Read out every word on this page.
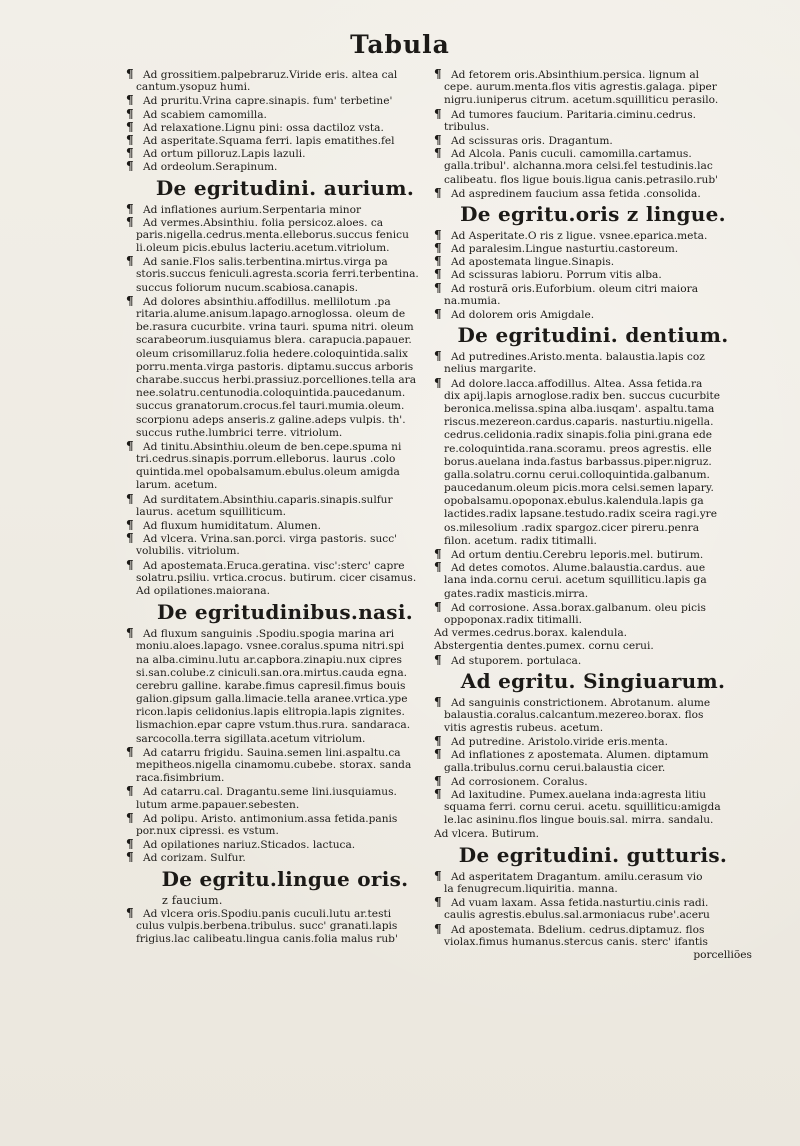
Tabula
¶ Ad grossitiem.palpebraruz.Viride eris. altea cal
cantum.ysopuz humi.
¶ Ad pruritu.Vrina capre.sinapis. fum' terbetine'
¶ Ad scabiem camomilla.
¶ Ad relaxatione.Lignu pini: ossa dactiloz vsta.
¶ Ad asperitate.Squama ferri. lapis ematithes.fel
¶ Ad ortum pilloruz.Lapis lazuli.
¶ Ad ordeolum.Serapinum.
De egritudini. aurium.
¶ Ad inflationes aurium.Serpentaria minor
¶ Ad vermes.Absinthiu. folia persicoz.aloes. ca
paris.nigella.cedrus.menta.elleborus.succus fenicu
li.oleum picis.ebulus lacteriu.acetum.vitriolum.
¶ Ad sanie.Flos salis.terbentina.mirtus.virga pa
storis.succus feniculi.agresta.scoria ferri.terbentina.
succus foliorum nucum.scabiosa.canapis.
¶ Ad dolores absinthiu.affodillus. mellilotum .pa
ritaria.alume.anisum.lapago.arnoglossa. oleum de
be.rasura cucurbite. vrina tauri. spuma nitri. oleum
scarabeorum.iusquiamus blera. carapucia.papauer.
oleum crisomillaruz.folia hedere.coloquintida.salix
porru.menta.virga pastoris. diptamu.succus arboris
charabe.succus herbi.prassiuz.porcelliones.tella ara
nee.solatru.centunodia.coloquintida.paucedanum.
succus granatorum.crocus.fel tauri.mumia.oleum.
scorpionu adeps anseris.z galine.adeps vulpis. th'.
succus ruthe.lumbrici terre. vitriolum.
¶ Ad tinitu.Absinthiu.oleum de ben.cepe.spuma ni
tri.cedrus.sinapis.porrum.elleborus. laurus .colo
quintida.mel opobalsamum.ebulus.oleum amigda
larum. acetum.
¶ Ad surditatem.Absinthiu.caparis.sinapis.sulfur
laurus. acetum squilliticum.
¶ Ad fluxum humiditatum. Alumen.
¶ Ad vlcera. Vrina.san.porci. virga pastoris. succ'
volubilis. vitriolum.
¶ Ad apostemata.Eruca.geratina. visc':sterc' capre
solatru.psiliu. vrtica.crocus. butirum. cicer cisamus.
Ad opilationes.maiorana.
De egritudinibus.nasi.
¶ Ad fluxum sanguinis .Spodiu.spogia marina ari
moniu.aloes.lapago. vsnee.coralus.spuma nitri.spi
na alba.ciminu.lutu ar.capbora.zinapiu.nux cipres
si.san.colube.z ciniculi.san.ora.mirtus.cauda egna.
cerebru galline. karabe.fimus capresil.fimus bouis
galion.gipsum galla.limacie.tella aranee.vrtica.ype
ricon.lapis celidonius.lapis elitropia.lapis zignites.
lismachion.epar capre vstum.thus.rura. sandaraca.
sarcocolla.terra sigillata.acetum vitriolum.
¶ Ad catarru frigidu. Sauina.semen lini.aspaltu.ca
mepitheos.nigella cinamomu.cubebe. storax. sanda
raca.fisimbrium.
¶ Ad catarru.cal. Dragantu.seme lini.iusquiamus.
lutum arme.papauer.sebesten.
¶ Ad polipu. Aristo. antimonium.assa fetida.panis
por.nux cipressi. es vstum.
¶ Ad opilationes nariuz.Sticados. lactuca.
¶ Ad corizam. Sulfur.
De egritu.lingue oris.
z faucium.
¶ Ad vlcera oris.Spodiu.panis cuculi.lutu ar.testi
culus vulpis.berbena.tribulus. succ' granati.lapis
frigius.lac calibeatu.lingua canis.folia malus rub'
¶ Ad fetorem oris.Absinthium.persica. lignum al
cepe. aurum.menta.flos vitis agrestis.galaga. piper
nigru.iuniperus citrum. acetum.squilliticu perasilo.
¶ Ad tumores faucium. Paritaria.ciminu.cedrus.
tribulus.
¶ Ad scissuras oris. Dragantum.
¶ Ad Alcola. Panis cuculi. camomilla.cartamus.
galla.tribul'. alchanna.mora celsi.fel testudinis.lac
calibeatu. flos ligue bouis.ligua canis.petrasilo.rub'
¶ Ad aspredinem faucium assa fetida .consolida.
De egritu.oris z lingue.
¶ Ad Asperitate.O ris z ligue. vsnee.eparica.meta.
¶ Ad paralesim.Lingue nasturtiu.castoreum.
¶ Ad apostemata lingue.Sinapis.
¶ Ad scissuras labioru. Porrum vitis alba.
¶ Ad rosturã oris.Euforbium. oleum citri maiora
na.mumia.
¶ Ad dolorem oris Amigdale.
De egritudini. dentium.
¶ Ad putredines.Aristo.menta. balaustia.lapis coz
nelius margarite.
¶ Ad dolore.lacca.affodillus. Altea. Assa fetida.ra
dix apij.lapis arnoglose.radix ben. succus cucurbite
beronica.melissa.spina alba.iusqam'. aspaltu.tama
riscus.mezereon.cardus.caparis. nasturtiu.nigella.
cedrus.celidonia.radix sinapis.folia pini.grana ede
re.coloquintida.rana.scoramu. preos agrestis. elle
borus.auelana inda.fastus barbassus.piper.nigruz.
galla.solatru.cornu cerui.colloquintida.galbanum.
paucedanum.oleum picis.mora celsi.semen lapary.
opobalsamu.opoponax.ebulus.kalendula.lapis ga
lactides.radix lapsane.testudo.radix sceira ragi.yre
os.milesolium .radix spargoz.cicer pireru.penra
filon. acetum. radix titimalli.
¶ Ad ortum dentiu.Cerebru leporis.mel. butirum.
¶ Ad detes comotos. Alume.balaustia.cardus. aue
lana inda.cornu cerui. acetum squilliticu.lapis ga
gates.radix masticis.mirra.
¶ Ad corrosione. Assa.borax.galbanum. oleu picis
oppoponax.radix titimalli.
Ad vermes.cedrus.borax. kalendula.
Abstergentia dentes.pumex. cornu cerui.
¶ Ad stuporem. portulaca.
Ad egritu. Singiuarum.
¶ Ad sanguinis constrictionem. Abrotanum. alume
balaustia.coralus.calcantum.mezereo.borax. flos
vitis agrestis rubeus. acetum.
¶ Ad putredine. Aristolo.viride eris.menta.
¶ Ad inflationes z apostemata. Alumen. diptamum
galla.tribulus.cornu cerui.balaustia cicer.
¶ Ad corrosionem. Coralus.
¶ Ad laxitudine. Pumex.auelana inda:agresta litiu
squama ferri. cornu cerui. acetu. squilliticu:amigda
le.lac asininu.flos lingue bouis.sal. mirra. sandalu.
Ad vlcera. Butirum.
De egritudini. gutturis.
¶ Ad asperitatem Dragantum. amilu.cerasum vio
la fenugrecum.liquiritia. manna.
¶ Ad vuam laxam. Assa fetida.nasturtiu.cinis radi.
caulis agrestis.ebulus.sal.armoniacus rube'.aceru
¶ Ad apostemata. Bdelium. cedrus.diptamuz. flos
violax.fimus humanus.stercus canis. sterc' ifantis
porcelliões
